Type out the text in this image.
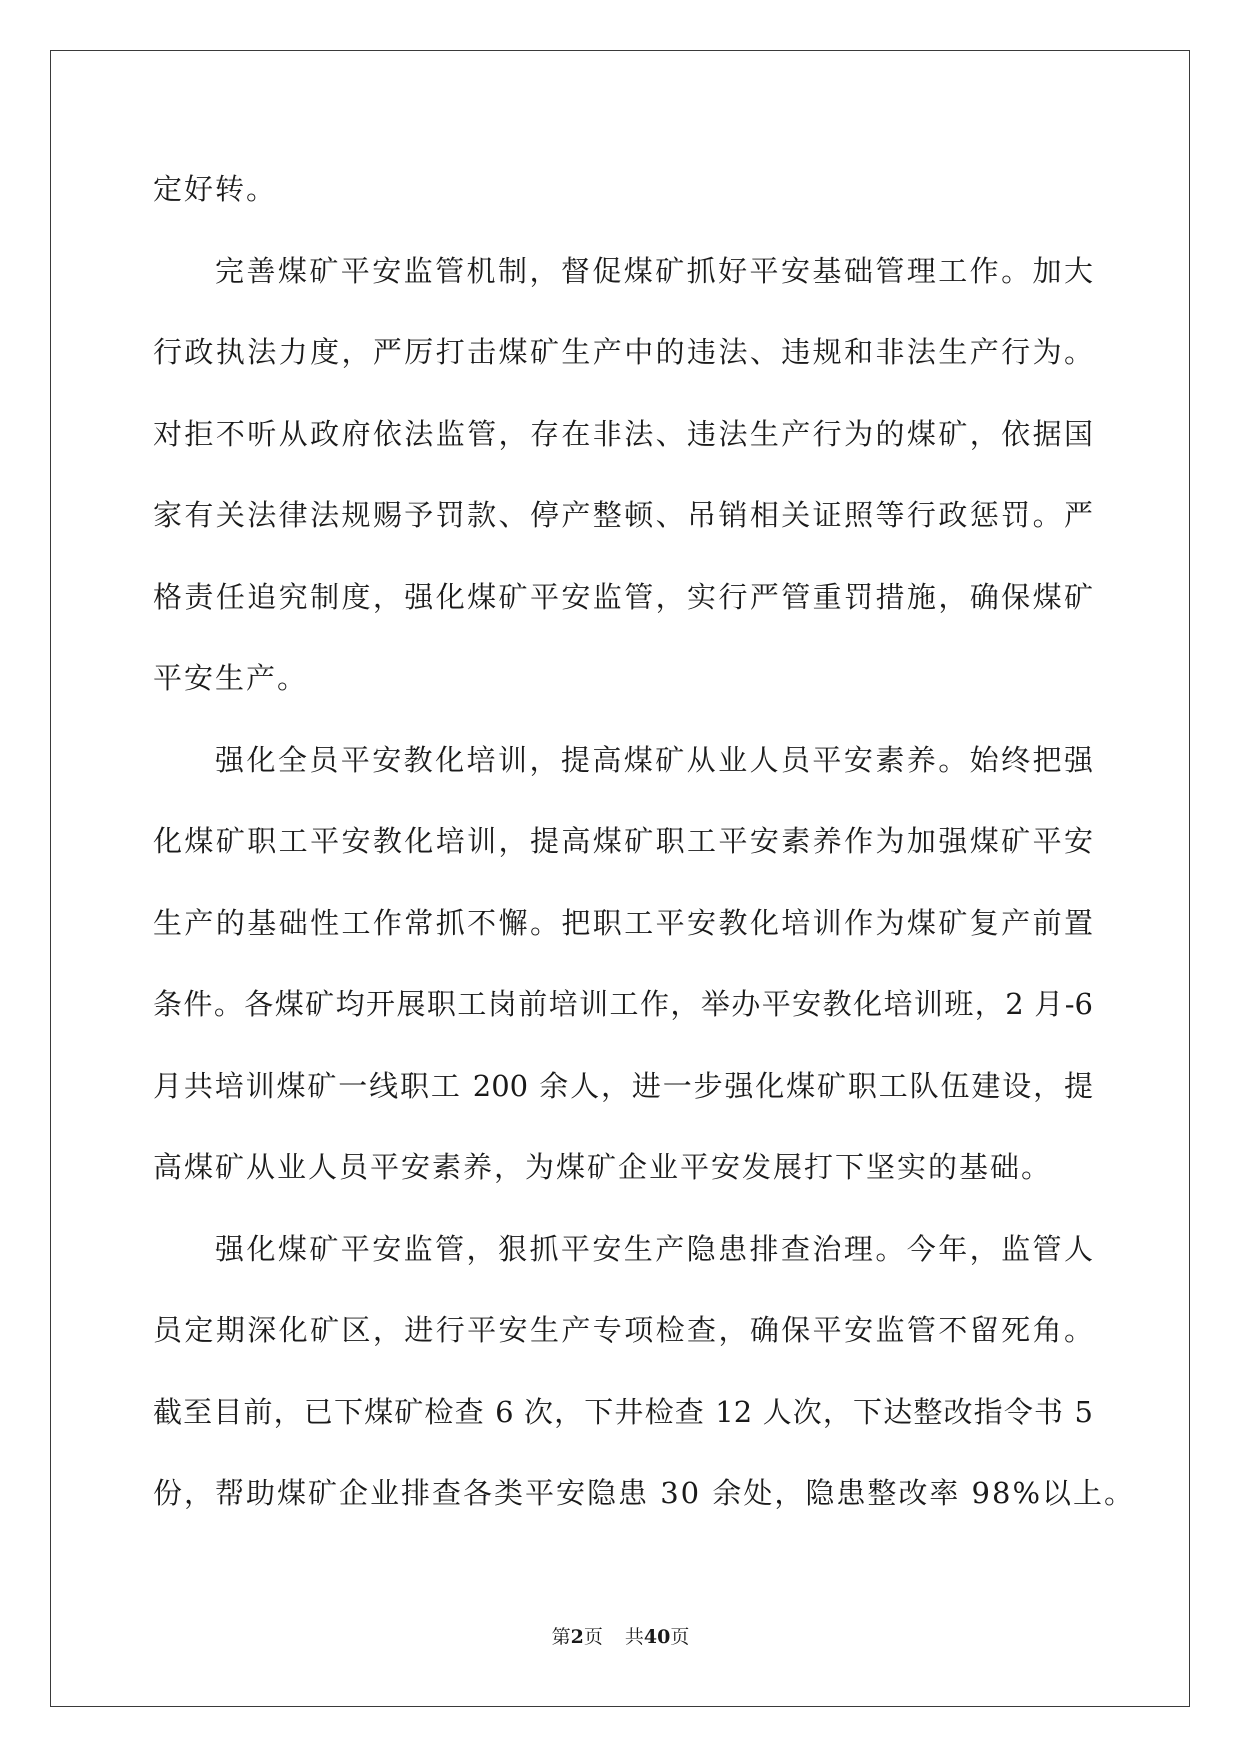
定好转。
完善煤矿平安监管机制，督促煤矿抓好平安基础管理工作。加大
行政执法力度，严厉打击煤矿生产中的违法、违规和非法生产行为。
对拒不听从政府依法监管，存在非法、违法生产行为的煤矿，依据国
家有关法律法规赐予罚款、停产整顿、吊销相关证照等行政惩罚。严
格责任追究制度，强化煤矿平安监管，实行严管重罚措施，确保煤矿
平安生产。
强化全员平安教化培训，提高煤矿从业人员平安素养。始终把强
化煤矿职工平安教化培训，提高煤矿职工平安素养作为加强煤矿平安
生产的基础性工作常抓不懈。把职工平安教化培训作为煤矿复产前置
条件。各煤矿均开展职工岗前培训工作，举办平安教化培训班，2 月-6
月共培训煤矿一线职工 200 余人，进一步强化煤矿职工队伍建设，提
高煤矿从业人员平安素养，为煤矿企业平安发展打下坚实的基础。
强化煤矿平安监管，狠抓平安生产隐患排查治理。今年，监管人
员定期深化矿区，进行平安生产专项检查，确保平安监管不留死角。
截至目前，已下煤矿检查 6 次，下井检查 12 人次，下达整改指令书 5
份，帮助煤矿企业排查各类平安隐患 30 余处，隐患整改率 98%以上。
第2页 共40页
